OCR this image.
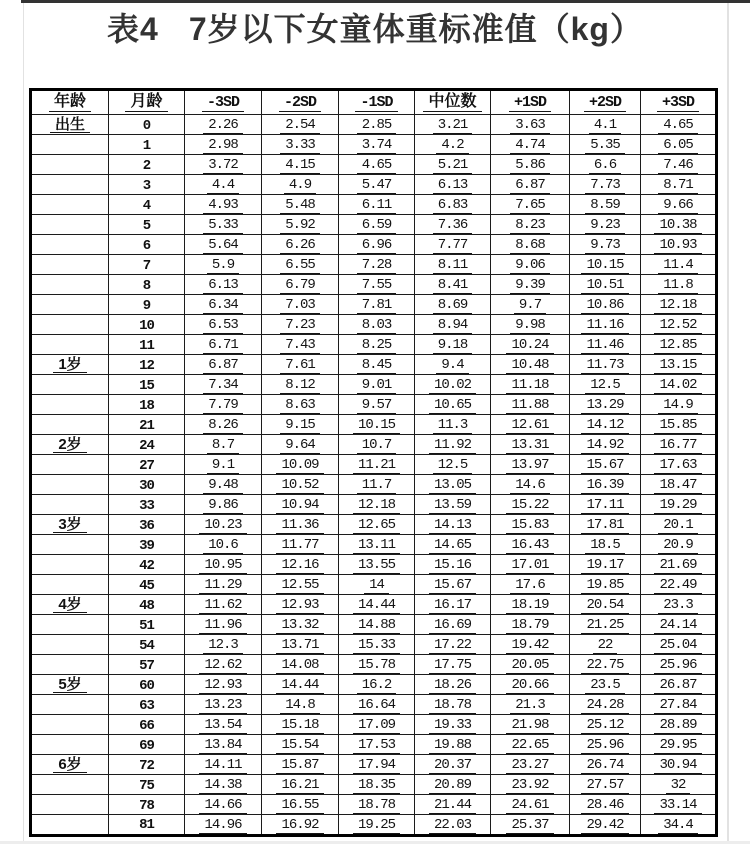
表4 7岁以下女童体重标准值（kg）
年龄	月龄	-3SD	-2SD	-1SD	中位数	+1SD	+2SD	+3SD
出生	0	2.26	2.54	2.85	3.21	3.63	4.1	4.65
	1	2.98	3.33	3.74	4.2	4.74	5.35	6.05
	2	3.72	4.15	4.65	5.21	5.86	6.6	7.46
	3	4.4	4.9	5.47	6.13	6.87	7.73	8.71
	4	4.93	5.48	6.11	6.83	7.65	8.59	9.66
	5	5.33	5.92	6.59	7.36	8.23	9.23	10.38
	6	5.64	6.26	6.96	7.77	8.68	9.73	10.93
	7	5.9	6.55	7.28	8.11	9.06	10.15	11.4
	8	6.13	6.79	7.55	8.41	9.39	10.51	11.8
	9	6.34	7.03	7.81	8.69	9.7	10.86	12.18
	10	6.53	7.23	8.03	8.94	9.98	11.16	12.52
	11	6.71	7.43	8.25	9.18	10.24	11.46	12.85
1岁	12	6.87	7.61	8.45	9.4	10.48	11.73	13.15
	15	7.34	8.12	9.01	10.02	11.18	12.5	14.02
	18	7.79	8.63	9.57	10.65	11.88	13.29	14.9
	21	8.26	9.15	10.15	11.3	12.61	14.12	15.85
2岁	24	8.7	9.64	10.7	11.92	13.31	14.92	16.77
	27	9.1	10.09	11.21	12.5	13.97	15.67	17.63
	30	9.48	10.52	11.7	13.05	14.6	16.39	18.47
	33	9.86	10.94	12.18	13.59	15.22	17.11	19.29
3岁	36	10.23	11.36	12.65	14.13	15.83	17.81	20.1
	39	10.6	11.77	13.11	14.65	16.43	18.5	20.9
	42	10.95	12.16	13.55	15.16	17.01	19.17	21.69
	45	11.29	12.55	14	15.67	17.6	19.85	22.49
4岁	48	11.62	12.93	14.44	16.17	18.19	20.54	23.3
	51	11.96	13.32	14.88	16.69	18.79	21.25	24.14
	54	12.3	13.71	15.33	17.22	19.42	22	25.04
	57	12.62	14.08	15.78	17.75	20.05	22.75	25.96
5岁	60	12.93	14.44	16.2	18.26	20.66	23.5	26.87
	63	13.23	14.8	16.64	18.78	21.3	24.28	27.84
	66	13.54	15.18	17.09	19.33	21.98	25.12	28.89
	69	13.84	15.54	17.53	19.88	22.65	25.96	29.95
6岁	72	14.11	15.87	17.94	20.37	23.27	26.74	30.94
	75	14.38	16.21	18.35	20.89	23.92	27.57	32
	78	14.66	16.55	18.78	21.44	24.61	28.46	33.14
	81	14.96	16.92	19.25	22.03	25.37	29.42	34.4
